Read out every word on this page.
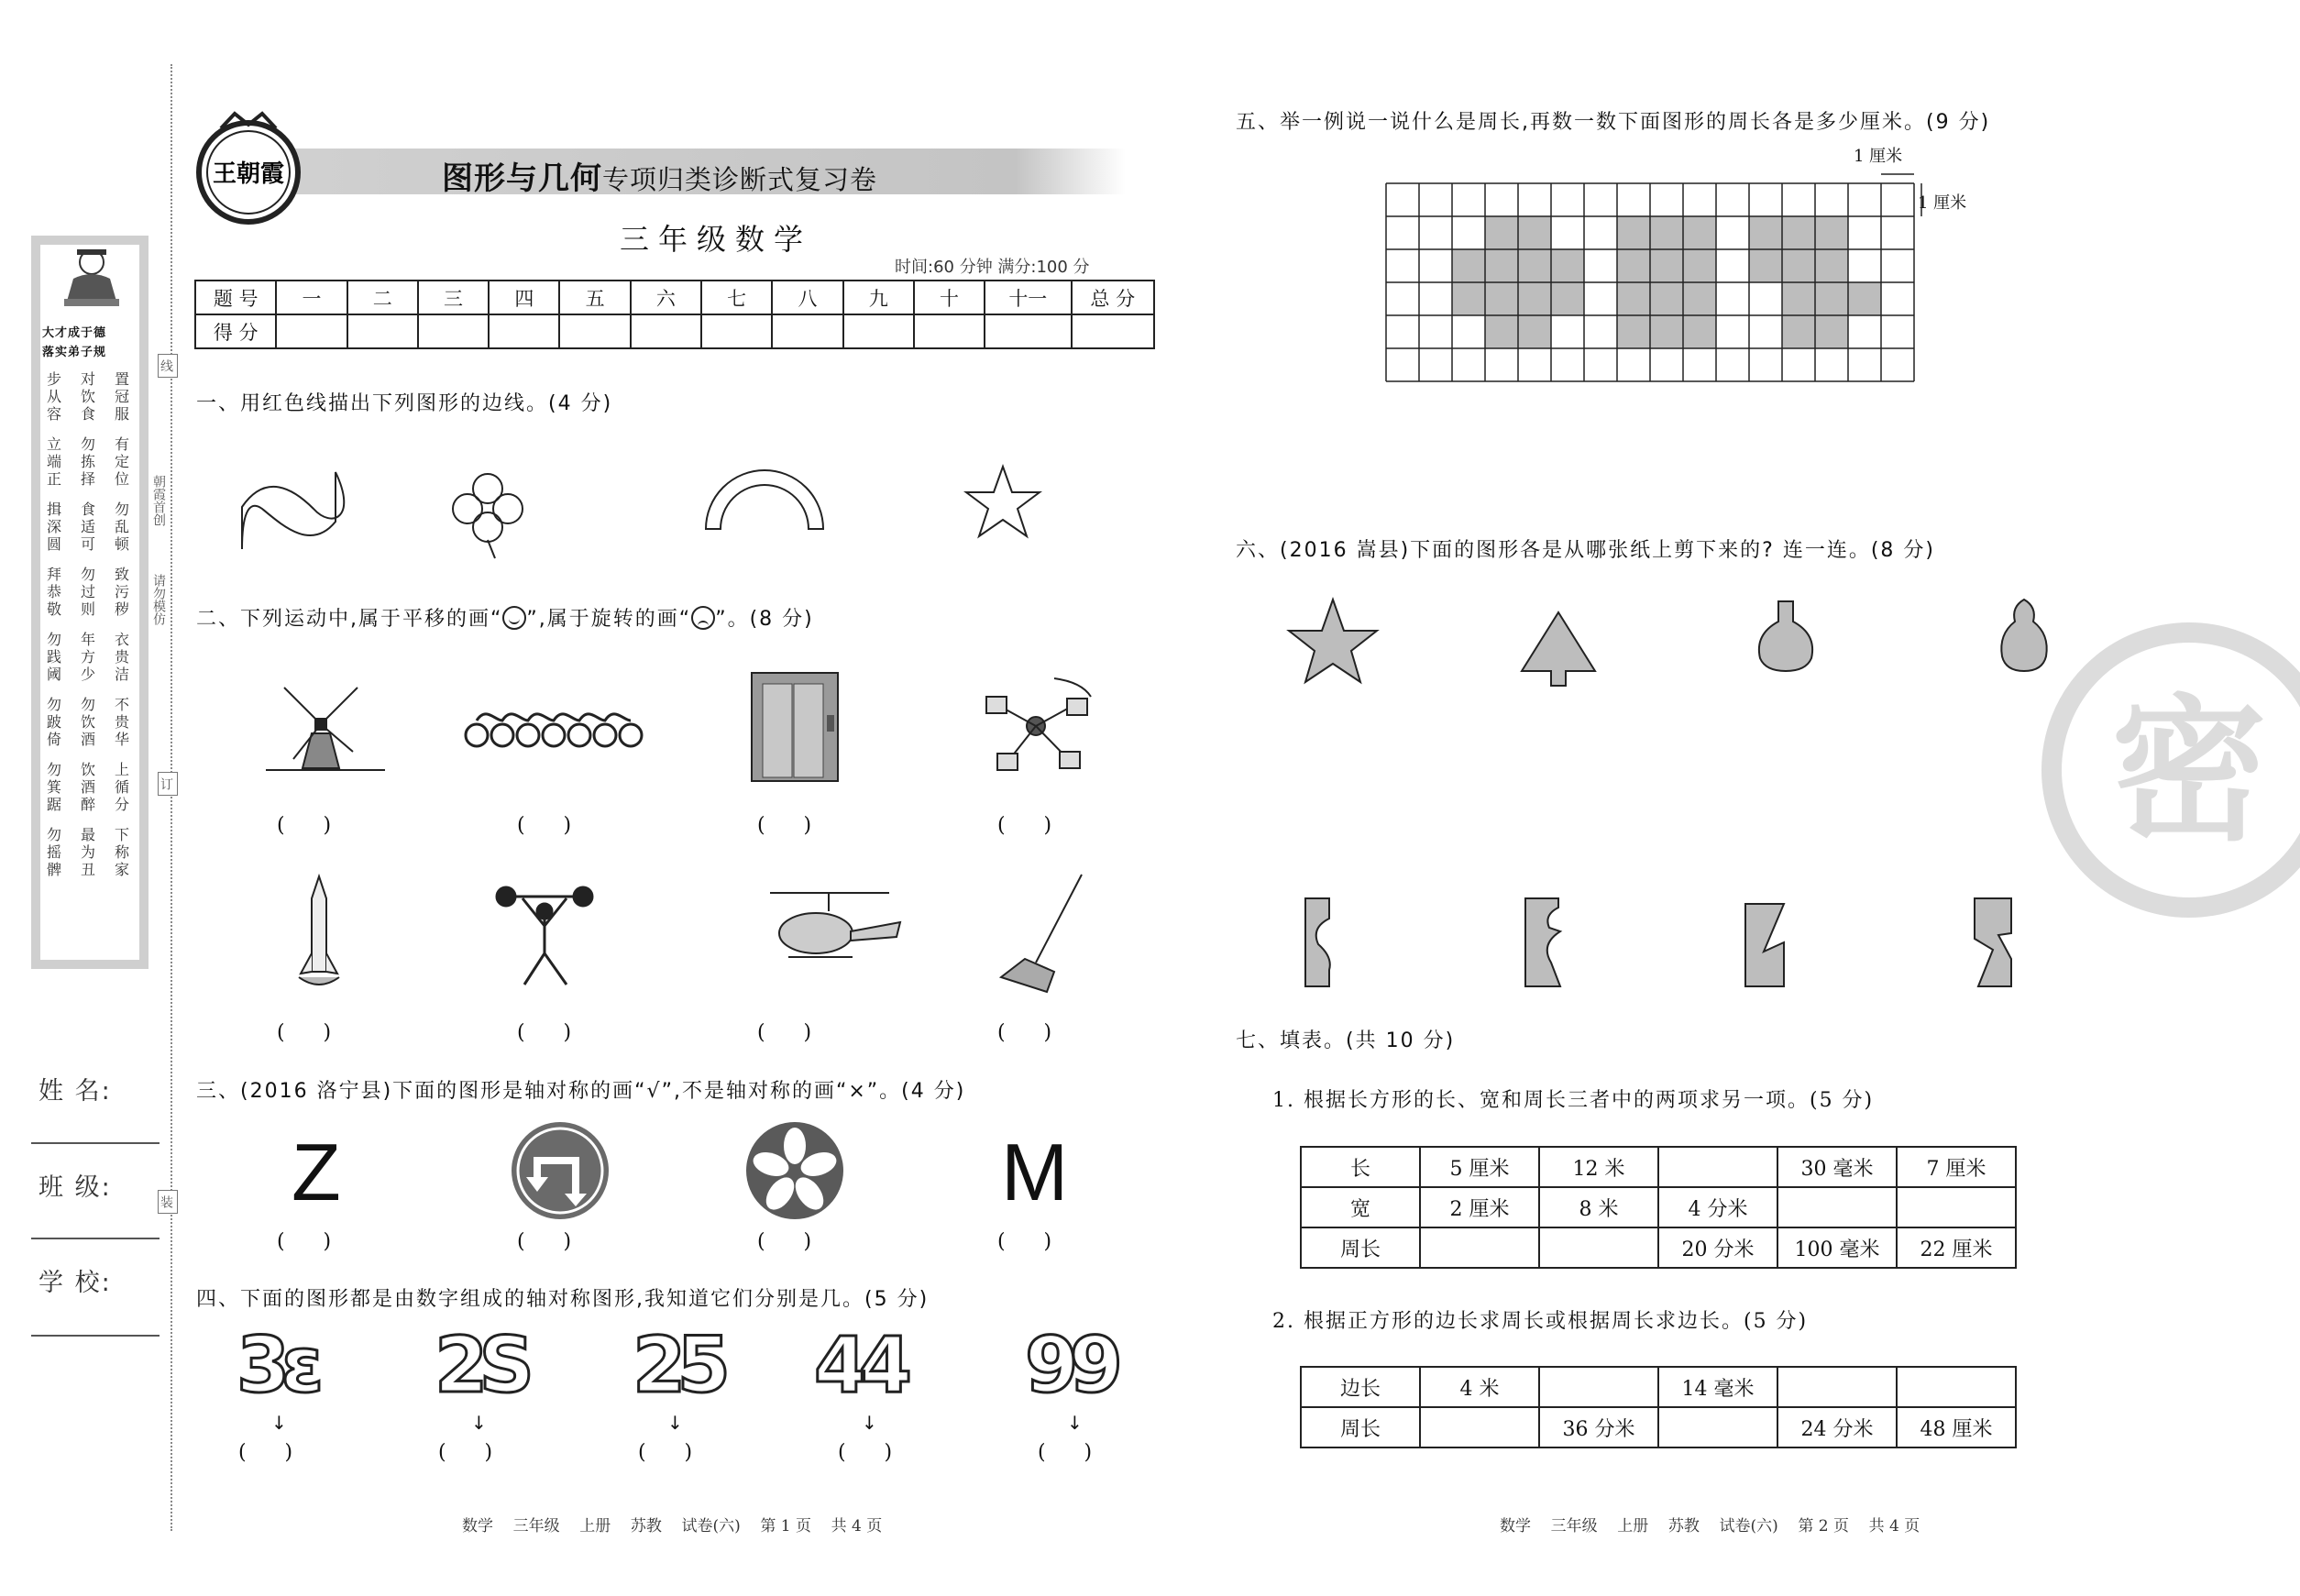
大才成于德
落实弟子规
步
从
容
对
饮
食
置
冠
服
立
端
正
勿
拣
择
有
定
位
揖
深
圆
食
适
可
勿
乱
顿
拜
恭
敬
勿
过
则
致
污
秽
勿
践
阈
年
方
少
衣
贵
洁
勿
跛
倚
勿
饮
酒
不
贵
华
勿
箕
踞
饮
酒
醉
上
循
分
勿
摇
髀
最
为
丑
下
称
家
姓 名:
班 级:
学 校:
线
订
装
朝霞首创
请勿模仿
王朝霞	图形与几何专项归类诊断式复习卷
三年级数学
时间:60 分钟 满分:100 分
题 号	一	二	三	四	五	六	七	八	九	十	十一	总 分
得 分												
一、用红色线描出下列图形的边线。(4 分)
二、下列运动中,属于平移的画“ ”,属于旋转的画“ ”。(8 分)
(      )	(      )	(      )	(      )
(      )	(      )	(      )	(      )
三、(2016 洛宁县)下面的图形是轴对称的画“√”,不是轴对称的画“×”。(4 分)
Z	M
(      )	(      )	(      )	(      )
四、下面的图形都是由数字组成的轴对称图形,我知道它们分别是几。(5 分)
3ε 2S 25 44 99
↓	↓	↓	↓	↓
(      )	(      )	(      )	(      )	(      )
数学    三年级    上册    苏教    试卷(六)    第 1 页    共 4 页
五、举一例说一说什么是周长,再数一数下面图形的周长各是多少厘米。(9 分)
1 厘米
1 厘米
六、(2016 嵩县)下面的图形各是从哪张纸上剪下来的? 连一连。(8 分)
密
七、填表。(共 10 分)
1. 根据长方形的长、宽和周长三者中的两项求另一项。(5 分)
长	5 厘米	12 米		30 毫米	7 厘米
宽	2 厘米	8 米	4 分米		
周长			20 分米	100 毫米	22 厘米
2. 根据正方形的边长求周长或根据周长求边长。(5 分)
边长	4 米		14 毫米		
周长		36 分米		24 分米	48 厘米
数学    三年级    上册    苏教    试卷(六)    第 2 页    共 4 页
